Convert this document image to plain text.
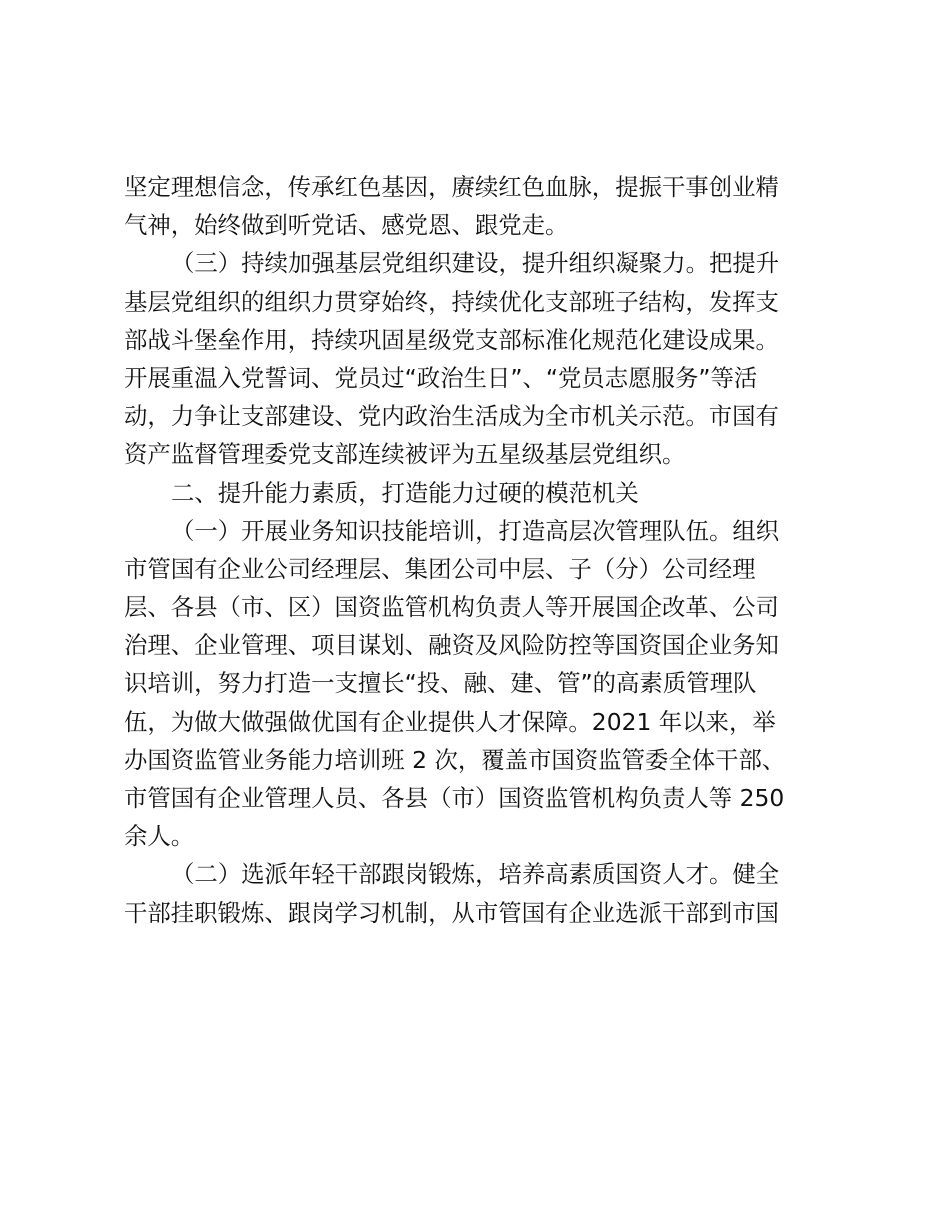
坚定理想信念，传承红色基因，赓续红色血脉，提振干事创业精
气神，始终做到听党话、感党恩、跟党走。
（三）持续加强基层党组织建设，提升组织凝聚力。把提升
基层党组织的组织力贯穿始终，持续优化支部班子结构，发挥支
部战斗堡垒作用，持续巩固星级党支部标准化规范化建设成果。
开展重温入党誓词、党员过“政治生日”、“党员志愿服务”等活
动，力争让支部建设、党内政治生活成为全市机关示范。市国有
资产监督管理委党支部连续被评为五星级基层党组织。
二、提升能力素质，打造能力过硬的模范机关
（一）开展业务知识技能培训，打造高层次管理队伍。组织
市管国有企业公司经理层、集团公司中层、子（分）公司经理
层、各县（市、区）国资监管机构负责人等开展国企改革、公司
治理、企业管理、项目谋划、融资及风险防控等国资国企业务知
识培训，努力打造一支擅长“投、融、建、管”的高素质管理队
伍，为做大做强做优国有企业提供人才保障。2021 年以来，举
办国资监管业务能力培训班 2 次，覆盖市国资监管委全体干部、
市管国有企业管理人员、各县（市）国资监管机构负责人等 250
余人。
（二）选派年轻干部跟岗锻炼，培养高素质国资人才。健全
干部挂职锻炼、跟岗学习机制，从市管国有企业选派干部到市国
